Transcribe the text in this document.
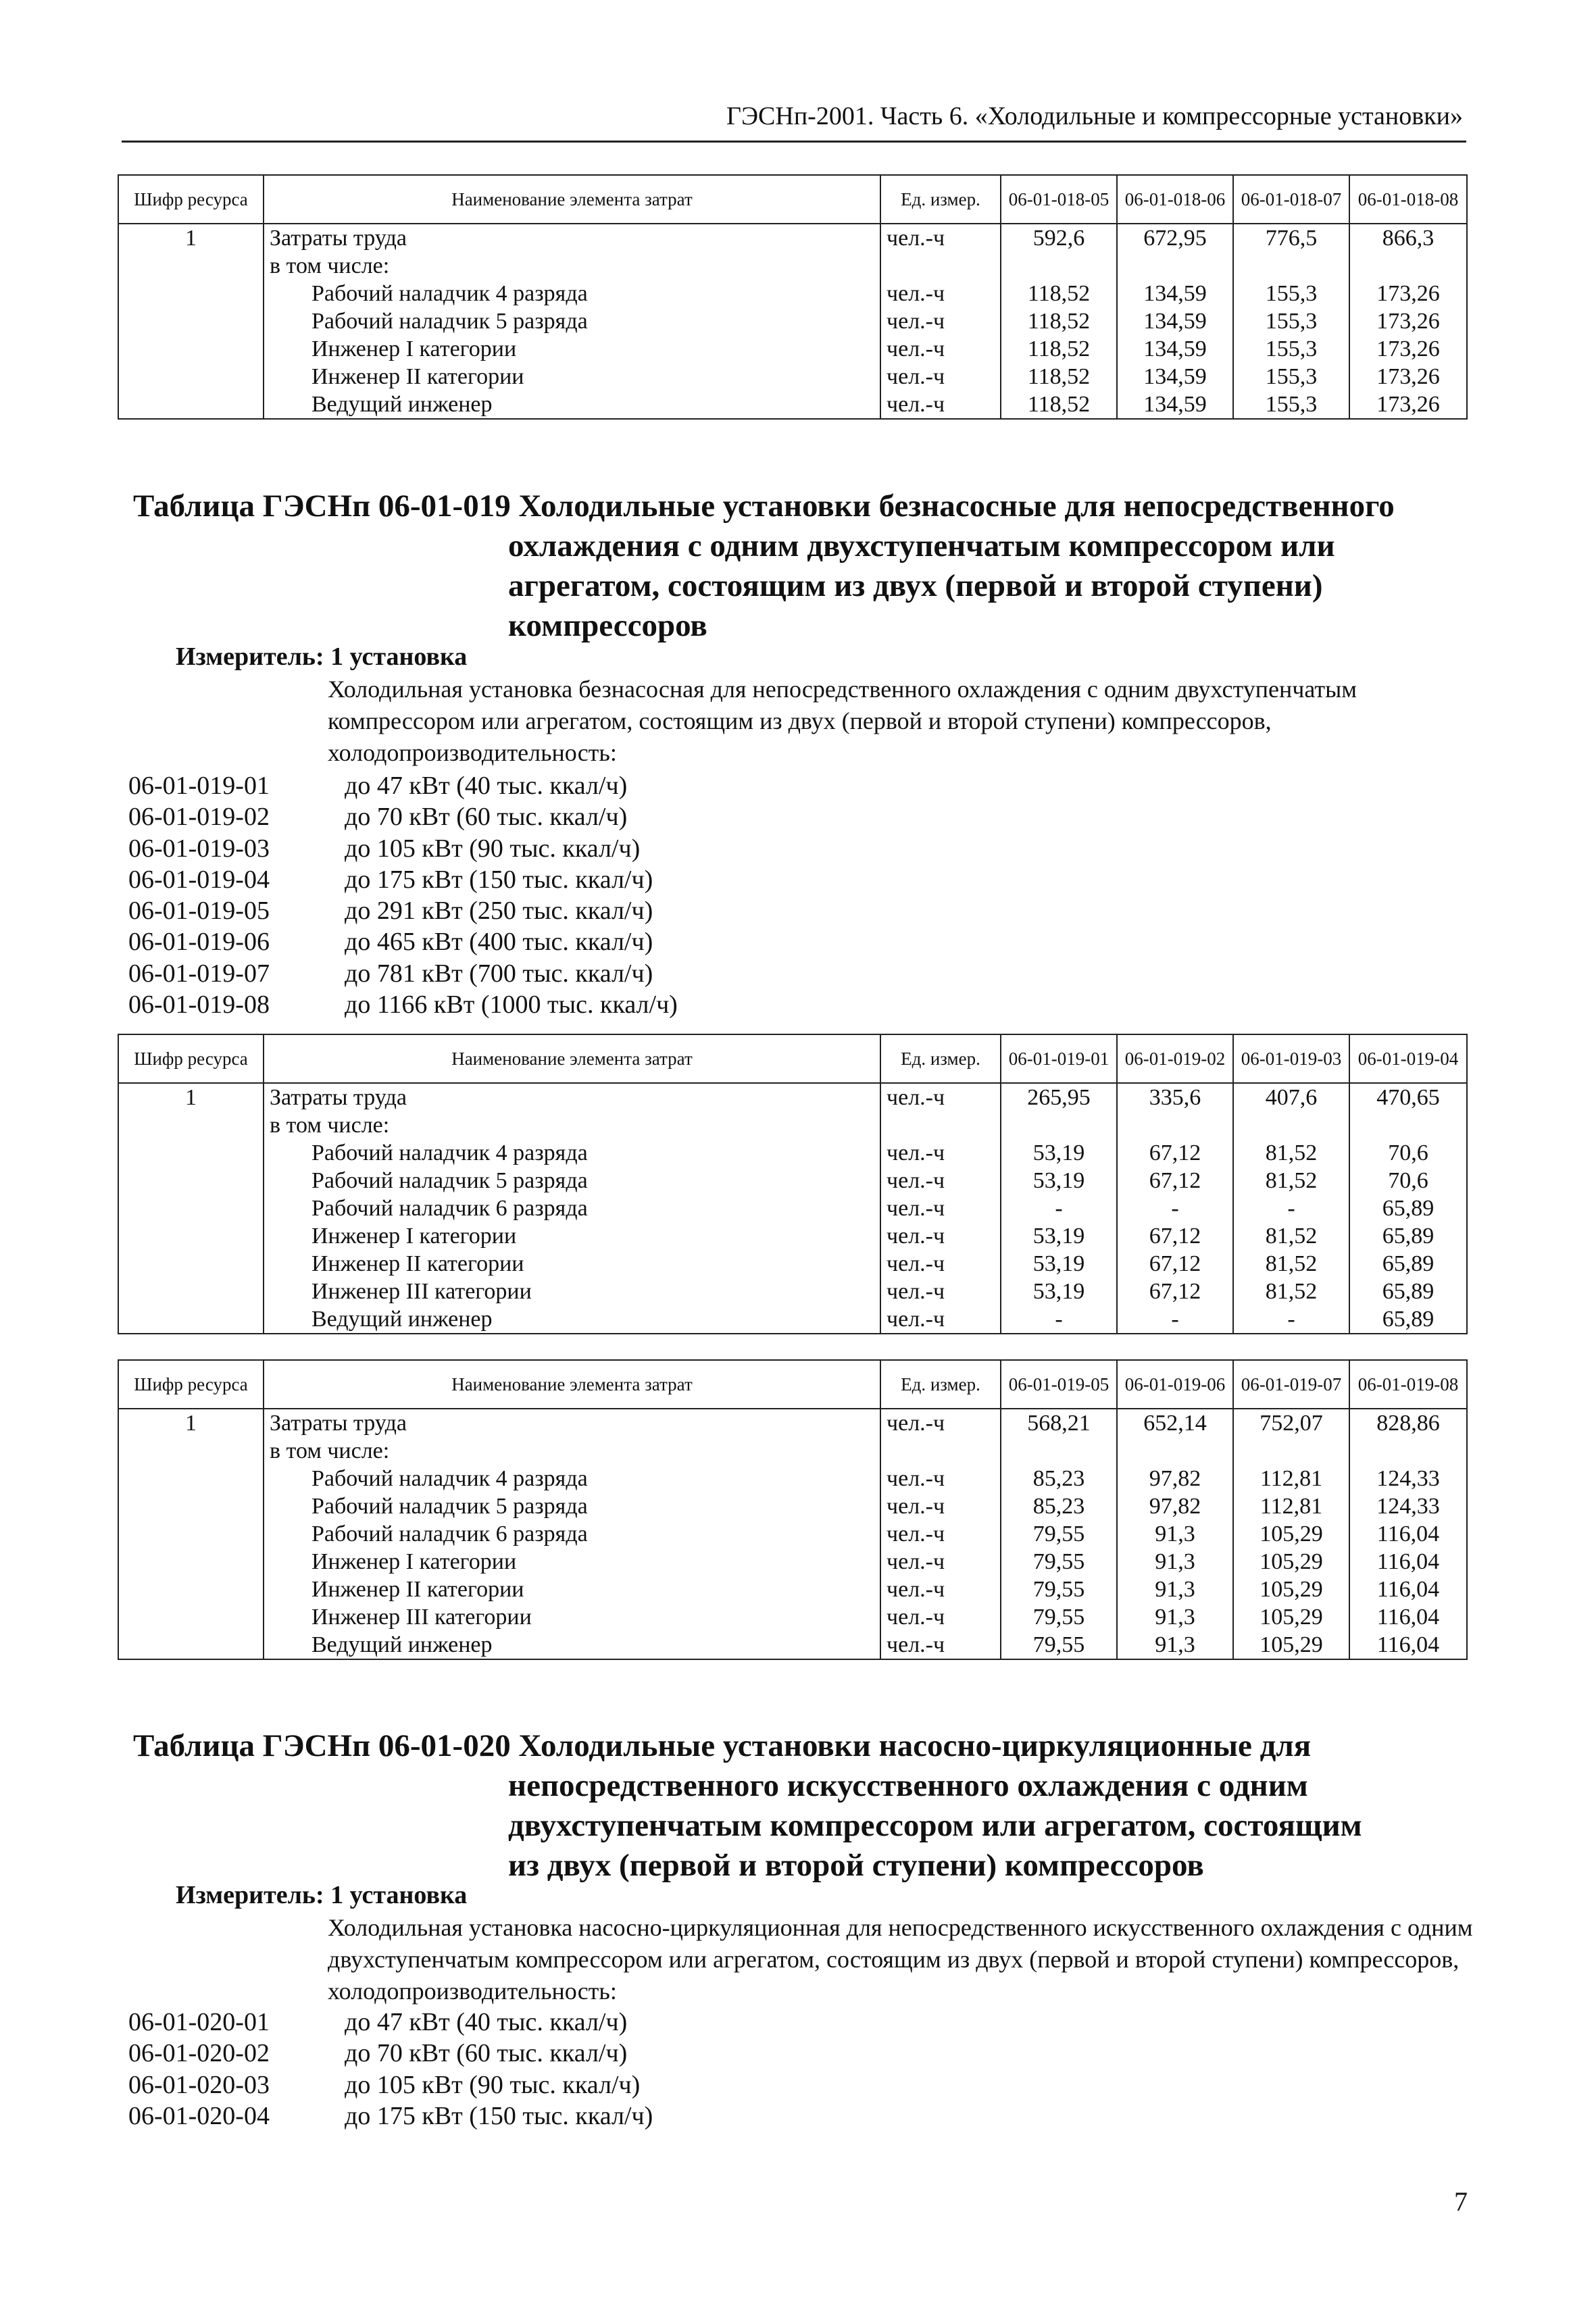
ГЭСНп-2001. Часть 6. «Холодильные и компрессорные установки»
Шифр ресурса	Наименование элемента затрат	Ед. измер.	06-01-018-05	06-01-018-06	06-01-018-07	06-01-018-08
1	Затраты труда	чел.-ч	592,6	672,95	776,5	866,3
	в том числе:					
	Рабочий наладчик 4 разряда	чел.-ч	118,52	134,59	155,3	173,26
	Рабочий наладчик 5 разряда	чел.-ч	118,52	134,59	155,3	173,26
	Инженер I категории	чел.-ч	118,52	134,59	155,3	173,26
	Инженер II категории	чел.-ч	118,52	134,59	155,3	173,26
	Ведущий инженер	чел.-ч	118,52	134,59	155,3	173,26
Таблица ГЭСНп 06-01-019 Холодильные установки безнасосные для непосредственного
охлаждения с одним двухступенчатым компрессором или
агрегатом, состоящим из двух (первой и второй ступени)
компрессоров
Измеритель: 1 установка
Холодильная установка безнасосная для непосредственного охлаждения с одним двухступенчатым компрессором или агрегатом, состоящим из двух (первой и второй ступени) компрессоров, холодопроизводительность:
06-01-019-01	до 47 кВт (40 тыс. ккал/ч)
06-01-019-02	до 70 кВт (60 тыс. ккал/ч)
06-01-019-03	до 105 кВт (90 тыс. ккал/ч)
06-01-019-04	до 175 кВт (150 тыс. ккал/ч)
06-01-019-05	до 291 кВт (250 тыс. ккал/ч)
06-01-019-06	до 465 кВт (400 тыс. ккал/ч)
06-01-019-07	до 781 кВт (700 тыс. ккал/ч)
06-01-019-08	до 1166 кВт (1000 тыс. ккал/ч)
Шифр ресурса	Наименование элемента затрат	Ед. измер.	06-01-019-01	06-01-019-02	06-01-019-03	06-01-019-04
1	Затраты труда	чел.-ч	265,95	335,6	407,6	470,65
	в том числе:					
	Рабочий наладчик 4 разряда	чел.-ч	53,19	67,12	81,52	70,6
	Рабочий наладчик 5 разряда	чел.-ч	53,19	67,12	81,52	70,6
	Рабочий наладчик 6 разряда	чел.-ч	-	-	-	65,89
	Инженер I категории	чел.-ч	53,19	67,12	81,52	65,89
	Инженер II категории	чел.-ч	53,19	67,12	81,52	65,89
	Инженер III категории	чел.-ч	53,19	67,12	81,52	65,89
	Ведущий инженер	чел.-ч	-	-	-	65,89
Шифр ресурса	Наименование элемента затрат	Ед. измер.	06-01-019-05	06-01-019-06	06-01-019-07	06-01-019-08
1	Затраты труда	чел.-ч	568,21	652,14	752,07	828,86
	в том числе:					
	Рабочий наладчик 4 разряда	чел.-ч	85,23	97,82	112,81	124,33
	Рабочий наладчик 5 разряда	чел.-ч	85,23	97,82	112,81	124,33
	Рабочий наладчик 6 разряда	чел.-ч	79,55	91,3	105,29	116,04
	Инженер I категории	чел.-ч	79,55	91,3	105,29	116,04
	Инженер II категории	чел.-ч	79,55	91,3	105,29	116,04
	Инженер III категории	чел.-ч	79,55	91,3	105,29	116,04
	Ведущий инженер	чел.-ч	79,55	91,3	105,29	116,04
Таблица ГЭСНп 06-01-020 Холодильные установки насосно-циркуляционные для
непосредственного искусственного охлаждения с одним
двухступенчатым компрессором или агрегатом, состоящим
из двух (первой и второй ступени) компрессоров
Измеритель: 1 установка
Холодильная установка насосно-циркуляционная для непосредственного искусственного охлаждения с одним двухступенчатым компрессором или агрегатом, состоящим из двух (первой и второй ступени) компрессоров, холодопроизводительность:
06-01-020-01	до 47 кВт (40 тыс. ккал/ч)
06-01-020-02	до 70 кВт (60 тыс. ккал/ч)
06-01-020-03	до 105 кВт (90 тыс. ккал/ч)
06-01-020-04	до 175 кВт (150 тыс. ккал/ч)
7
